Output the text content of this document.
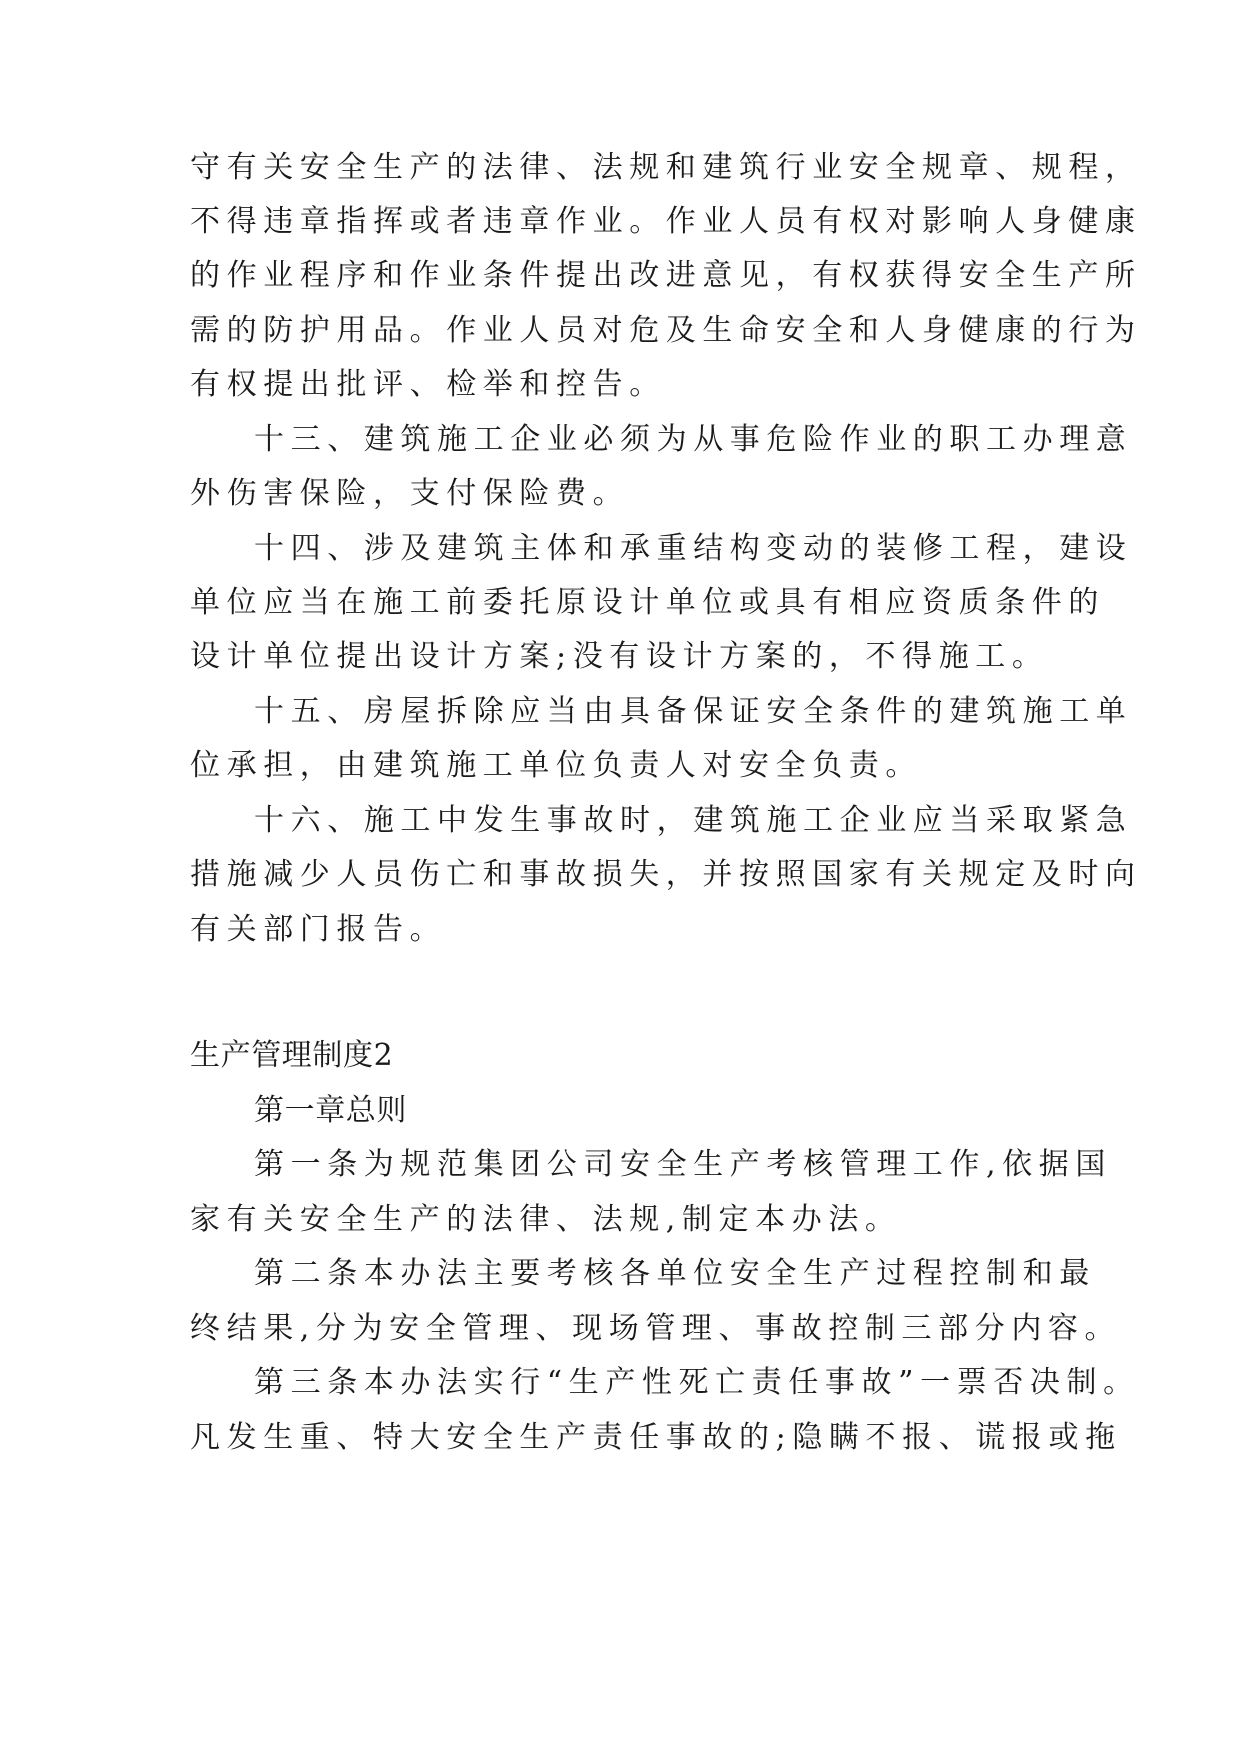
守有关安全生产的法律、法规和建筑行业安全规章、规程，
不得违章指挥或者违章作业。作业人员有权对影响人身健康
的作业程序和作业条件提出改进意见，有权获得安全生产所
需的防护用品。作业人员对危及生命安全和人身健康的行为
有权提出批评、检举和控告。
十三、建筑施工企业必须为从事危险作业的职工办理意
外伤害保险，支付保险费。
十四、涉及建筑主体和承重结构变动的装修工程，建设
单位应当在施工前委托原设计单位或具有相应资质条件的
设计单位提出设计方案;没有设计方案的，不得施工。
十五、房屋拆除应当由具备保证安全条件的建筑施工单
位承担，由建筑施工单位负责人对安全负责。
十六、施工中发生事故时，建筑施工企业应当采取紧急
措施减少人员伤亡和事故损失，并按照国家有关规定及时向
有关部门报告。
生产管理制度2
第一章总则
第一条为规范集团公司安全生产考核管理工作,依据国
家有关安全生产的法律、法规,制定本办法。
第二条本办法主要考核各单位安全生产过程控制和最
终结果,分为安全管理、现场管理、事故控制三部分内容。
第三条本办法实行“生产性死亡责任事故”一票否决制。
凡发生重、特大安全生产责任事故的;隐瞒不报、谎报或拖
